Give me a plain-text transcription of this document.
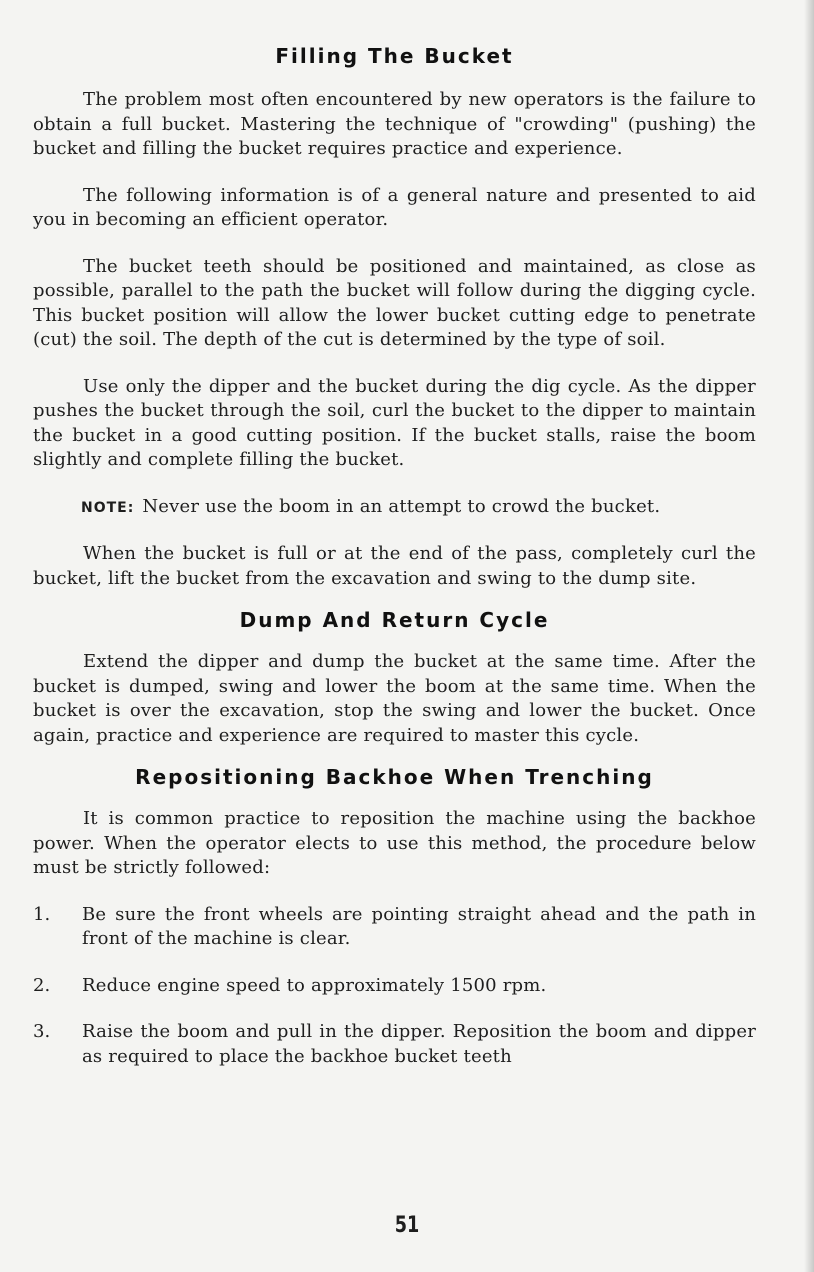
Filling The Bucket

The problem most often encountered by new operators is the failure to obtain a full bucket. Mastering the technique of "crowding" (pushing) the bucket and filling the bucket requires practice and experience.

The following information is of a general nature and presented to aid you in becoming an efficient operator.

The bucket teeth should be positioned and maintained, as close as possible, parallel to the path the bucket will follow during the digging cycle. This bucket position will allow the lower bucket cutting edge to penetrate (cut) the soil. The depth of the cut is determined by the type of soil.

Use only the dipper and the bucket during the dig cycle. As the dipper pushes the bucket through the soil, curl the bucket to the dipper to maintain the bucket in a good cutting position. If the bucket stalls, raise the boom slightly and complete filling the bucket.

NOTE: Never use the boom in an attempt to crowd the bucket.

When the bucket is full or at the end of the pass, completely curl the bucket, lift the bucket from the excavation and swing to the dump site.

Dump And Return Cycle

Extend the dipper and dump the bucket at the same time. After the bucket is dumped, swing and lower the boom at the same time. When the bucket is over the excavation, stop the swing and lower the bucket. Once again, practice and experience are required to master this cycle.

Repositioning Backhoe When Trenching

It is common practice to reposition the machine using the backhoe power. When the operator elects to use this method, the procedure below must be strictly followed:

1.	Be sure the front wheels are pointing straight ahead and the path in front of the machine is clear.
2.	Reduce engine speed to approximately 1500 rpm.
3.	Raise the boom and pull in the dipper. Reposition the boom and dipper as required to place the backhoe bucket teeth
51
